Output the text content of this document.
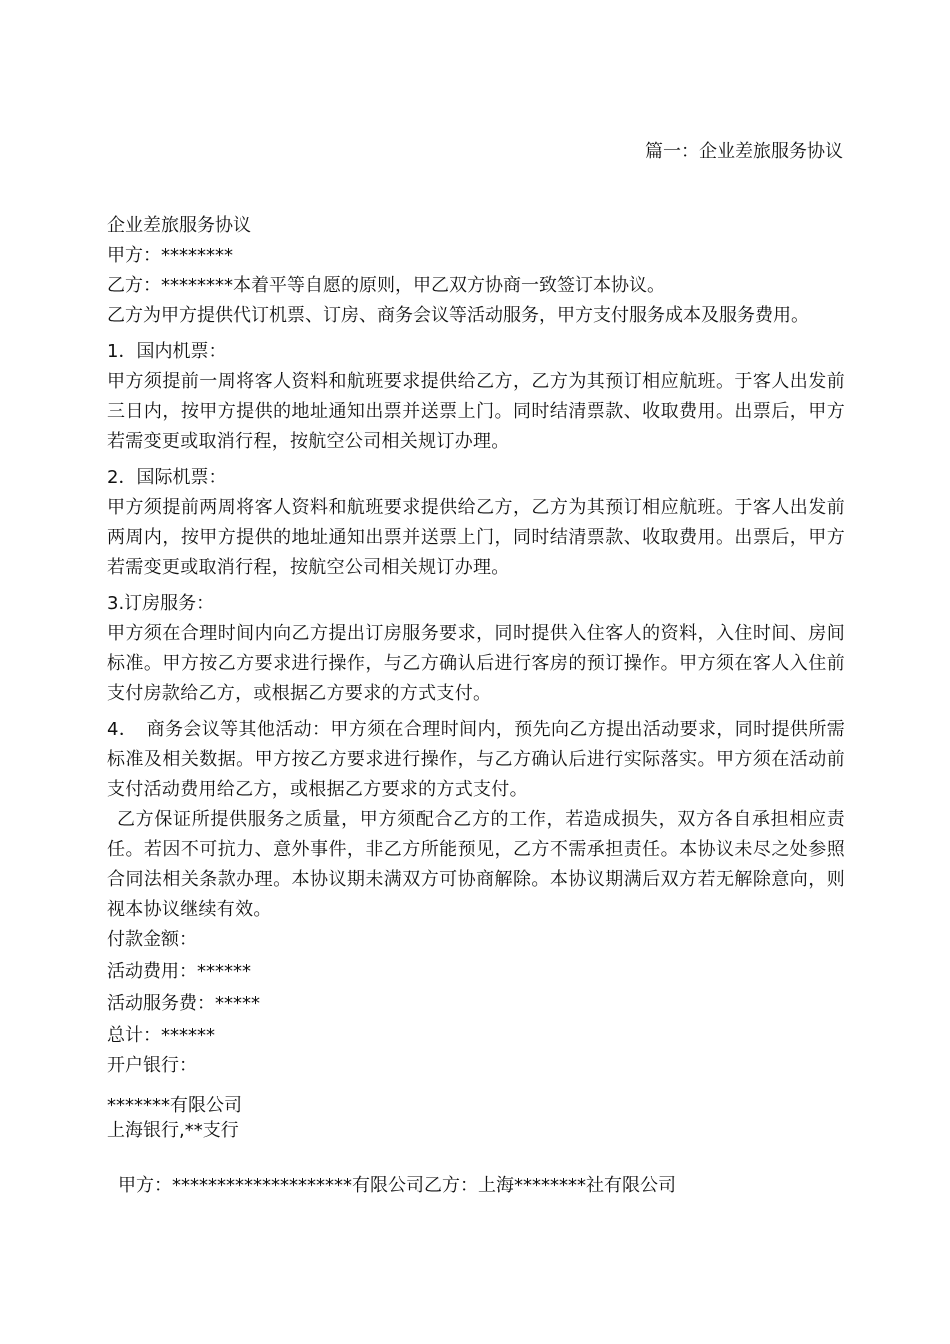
篇一：企业差旅服务协议
企业差旅服务协议
甲方：********
乙方：********本着平等自愿的原则，甲乙双方协商一致签订本协议。
乙方为甲方提供代订机票、订房、商务会议等活动服务，甲方支付服务成本及服务费用。
1．国内机票：
甲方须提前一周将客人资料和航班要求提供给乙方，乙方为其预订相应航班。于客人出发前三日内，按甲方提供的地址通知出票并送票上门。同时结清票款、收取费用。出票后，甲方若需变更或取消行程，按航空公司相关规订办理。
2．国际机票：
甲方须提前两周将客人资料和航班要求提供给乙方，乙方为其预订相应航班。于客人出发前两周内，按甲方提供的地址通知出票并送票上门，同时结清票款、收取费用。出票后，甲方若需变更或取消行程，按航空公司相关规订办理。
3.订房服务：
甲方须在合理时间内向乙方提出订房服务要求，同时提供入住客人的资料，入住时间、房间标准。甲方按乙方要求进行操作，与乙方确认后进行客房的预订操作。甲方须在客人入住前支付房款给乙方，或根据乙方要求的方式支付。
4．　商务会议等其他活动：甲方须在合理时间内，预先向乙方提出活动要求，同时提供所需标准及相关数据。甲方按乙方要求进行操作，与乙方确认后进行实际落实。甲方须在活动前支付活动费用给乙方，或根据乙方要求的方式支付。
乙方保证所提供服务之质量，甲方须配合乙方的工作，若造成损失，双方各自承担相应责任。若因不可抗力、意外事件，非乙方所能预见，乙方不需承担责任。本协议未尽之处参照合同法相关条款办理。本协议期未满双方可协商解除。本协议期满后双方若无解除意向，则视本协议继续有效。
付款金额：
活动费用：******
活动服务费：*****
总计：******
开户银行：
*******有限公司
上海银行,**支行
甲方：********************有限公司乙方：上海********社有限公司
